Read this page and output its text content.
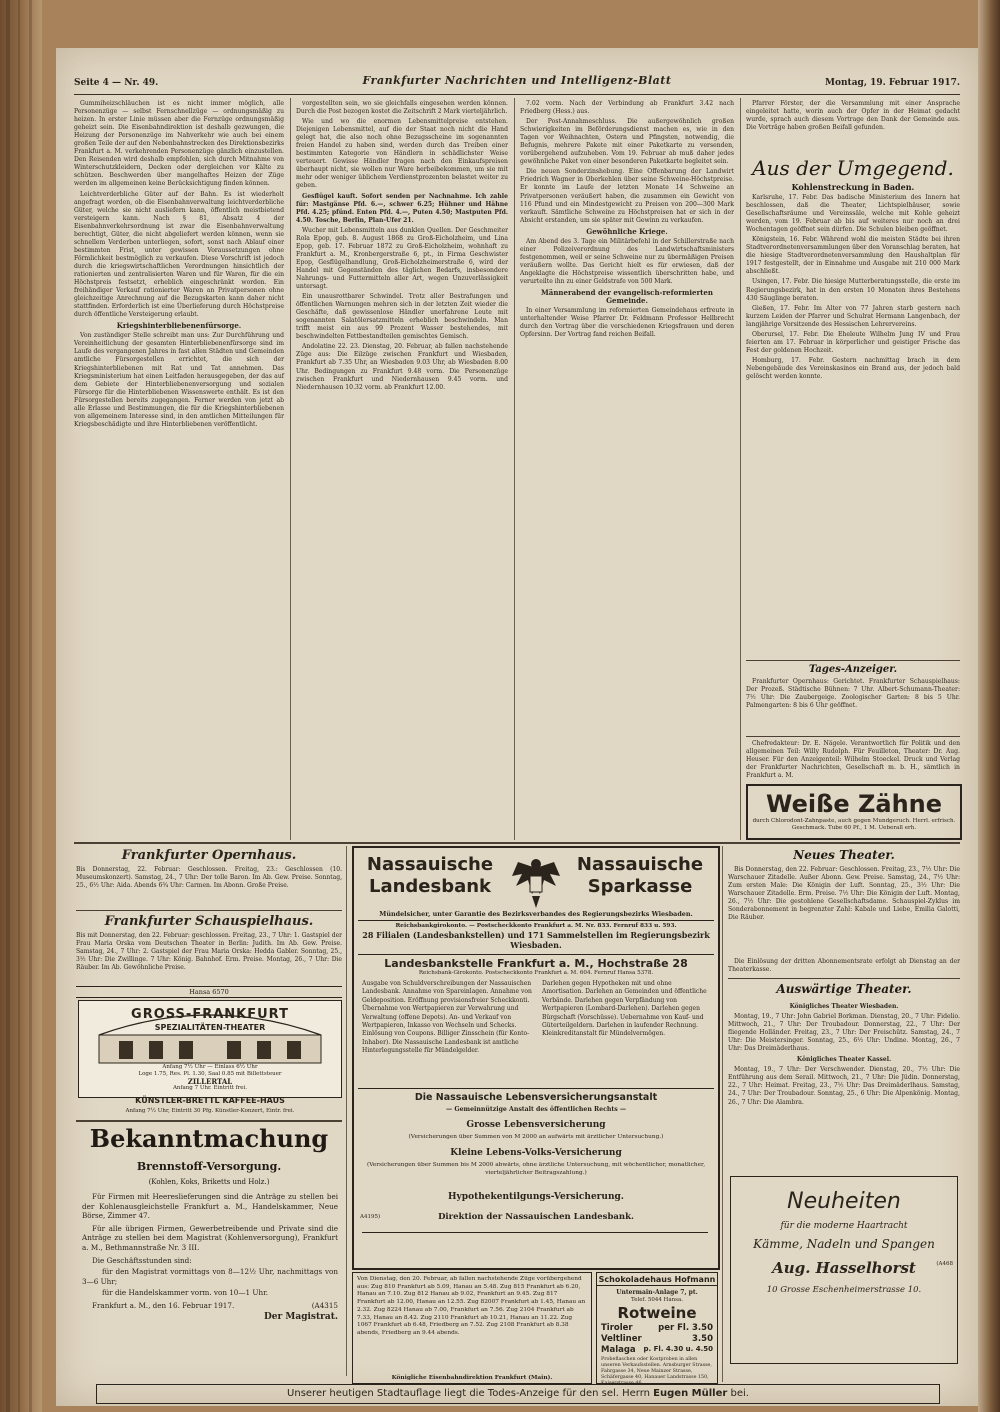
Seite 4 — Nr. 49.	Frankfurter Nachrichten und Intelligenz-Blatt	Montag, 19. Februar 1917.

Gummiheizschläuchen ist es nicht immer möglich, alle Personenzüge — selbst Fernschnellzüge — ordnungsmäßig zu heizen. In erster Linie müssen aber die Fernzüge ordnungsmäßig geheizt sein. Die Eisenbahndirektion ist deshalb gezwungen, die Heizung der Personenzüge im Nahverkehr wie auch bei einem großen Teile der auf den Nebenbahnstrecken des Direktionsbezirks Frankfurt a. M. verkehrenden Personenzüge gänzlich einzustellen. Den Reisenden wird deshalb empfohlen, sich durch Mitnahme von Winterschutzkleidern, Decken oder dergleichen vor Kälte zu schützen. Beschwerden über mangelhaftes Heizen der Züge werden im allgemeinen keine Berücksichtigung finden können.

Leichtverderbliche Güter auf der Bahn. Es ist wiederholt angefragt worden, ob die Eisenbahnverwaltung leichtverderbliche Güter, welche sie nicht ausliefern kann, öffentlich meistbietend versteigern kann. Nach § 81, Absatz 4 der Eisenbahnverkehrsordnung ist zwar die Eisenbahnverwaltung berechtigt, Güter, die nicht abgeliefert werden können, wenn sie schnellem Verderben unterliegen, sofort, sonst nach Ablauf einer bestimmten Frist, unter gewissen Voraussetzungen ohne Förmlichkeit bestmöglich zu verkaufen. Diese Vorschrift ist jedoch durch die kriegswirtschaftlichen Verordnungen hinsichtlich der rationierten und zentralisierten Waren und für Waren, für die ein Höchstpreis festsetzt, erheblich eingeschränkt worden. Ein freihändiger Verkauf rationierter Waren an Privatpersonen ohne gleichzeitige Anrechnung auf die Bezugskarten kann daher nicht stattfinden. Erforderlich ist eine Überlieferung durch Höchstpreise durch öffentliche Versteigerung erlaubt.

Kriegshinterbliebenenfürsorge.

Von zuständiger Stelle schreibt man uns: Zur Durchführung und Vereinheitlichung der gesamten Hinterbliebenenfürsorge sind im Laufe des vergangenen Jahres in fast allen Städten und Gemeinden amtliche Fürsorgestellen errichtet, die sich der Kriegshinterbliebenen mit Rat und Tat annehmen. Das Kriegsministerium hat einen Leitfaden herausgegeben, der das auf dem Gebiete der Hinterbliebenenversorgung und sozialen Fürsorge für die Hinterbliebenen Wissenswerte enthält. Es ist den Fürsorgestellen bereits zugegangen. Ferner werden von jetzt ab alle Erlasse und Bestimmungen, die für die Kriegshinterbliebenen von allgemeinem Interesse sind, in den amtlichen Mitteilungen für Kriegsbeschädigte und ihre Hinterbliebenen veröffentlicht.

vorgestellten sein, wo sie gleichfalls eingesehen werden können. Durch die Post bezogen kostet die Zeitschrift 2 Mark vierteljährlich.

Wie und wo die enormen Lebensmittelpreise entstehen. Diejenigen Lebensmittel, auf die der Staat noch nicht die Hand gelegt hat, die also noch ohne Bezugsscheine im sogenannten freien Handel zu haben sind, werden durch das Treiben einer bestimmten Kategorie von Händlern in schädlichster Weise verteuert. Gewisse Händler fragen nach den Einkaufspreisen überhaupt nicht, sie wollen nur Ware herbeibekommen, um sie mit mehr oder weniger üblichem Verdienstprozenten belastet weiter zu geben.

Gesflügel kauft. Sofort senden per Nachnahme. Ich zahle für: Mastgänse Pfd. 6.—, schwer 6.25; Hühner und Hähne Pfd. 4.25; pfünd. Enten Pfd. 4.—, Puten 4.50; Mastputen Pfd. 4.50. Tosche, Berlin, Plan-Ufer 21.

Wucher mit Lebensmitteln aus dunklen Quellen. Der Geschmeiter Rola Epop, geb. 8. August 1868 zu Groß-Eicholzheim, und Lina Epop, geb. 17. Februar 1872 zu Groß-Eicholzheim, wohnhaft zu Frankfurt a. M., Kronbergerstraße 6, pt., in Firma Geschwister Epop, Gesflügelhandlung, Groß-Eicholzheimerstraße 6, wird der Handel mit Gegenständen des täglichen Bedarfs, insbesondere Nahrungs- und Futtermitteln aller Art, wegen Unzuverlässigkeit untersagt.

Ein unausrottbarer Schwindel. Trotz aller Bestrafungen und öffentlichen Warnungen mehren sich in der letzten Zeit wieder die Geschäfte, daß gewissenlose Händler unerfahrene Leute mit sogenannten Salatölersatzmitteln erheblich beschwindeln. Man trifft meist ein aus 99 Prozent Wasser bestehendes, mit beschwindelten Fettbestandteilen gemischtes Gemisch.

Andolatine 22. 23. Dienstag, 20. Februar, ab fallen nachstehende Züge aus: Die Eilzüge zwischen Frankfurt und Wiesbaden, Frankfurt ab 7.35 Uhr, an Wiesbaden 9.03 Uhr, ab Wiesbaden 8.00 Uhr. Bedingungen zu Frankfurt 9.48 vorm. Die Personenzüge zwischen Frankfurt und Niedernhausen 9.45 vorm. und Niedernhausen 10.32 vorm. ab Frankfurt 12.00.

7.02 vorm. Nach der Verbindung ab Frankfurt 3.42 nach Friedberg (Hess.) aus.

Der Post-Annahmeschluss. Die außergewöhnlich großen Schwierigkeiten im Beförderungsdienst machen es, wie in den Tagen vor Weihnachten, Ostern und Pfingsten, notwendig, die Befugnis, mehrere Pakete mit einer Paketkarte zu versenden, vorübergehend aufzuheben. Vom 19. Februar ab muß daher jedes gewöhnliche Paket von einer besonderen Paketkarte begleitet sein.

Die neuen Sonderzinshebung. Eine Offenbarung der Landwirt Friedrich Wagner in Oberkehlen über seine Schweine-Höchstpreise. Er konnte im Laufe der letzten Monate 14 Schweine an Privatpersonen veräußert haben, die zusammen ein Gewicht von 116 Pfund und ein Mindestgewicht zu Preisen von 200—300 Mark verkauft. Sämtliche Schweine zu Höchstpreisen hat er sich in der Absicht erstanden, um sie später mit Gewinn zu verkaufen.

Gewöhnliche Kriege.

Am Abend des 3. Tage ein Militärbefehl in der Schillerstraße nach einer Polizeiverordnung des Landwirtschaftsministers festgenommen, weil er seine Schweine nur zu übermäßigen Preisen veräußern wollte. Das Gericht hielt es für erwiesen, daß der Angeklagte die Höchstpreise wissentlich überschritten habe, und verurteilte ihn zu einer Geldstrafe von 500 Mark.

Männerabend der evangelisch-reformierten Gemeinde.

In einer Versammlung im reformierten Gemeindehaus erfreute in unterhaltender Weise Pfarrer Dr. Feldmann Professor Hellbrecht durch den Vortrag über die verschiedenen Kriegsfrauen und deren Opfersinn. Der Vortrag fand reichen Beifall.

Pfarrer Förster, der die Versammlung mit einer Ansprache eingeleitet hatte, worin auch der Opfer in der Heimat gedacht wurde, sprach auch diesem Vortrage den Dank der Gemeinde aus. Die Vorträge haben großen Beifall gefunden.

Aus der Umgegend.
Kohlenstreckung in Baden.

Karlsruhe, 17. Febr. Das badische Ministerium des Innern hat beschlossen, daß die Theater, Lichtspielhäuser, sowie Gesellschaftsräume und Vereinssäle, welche mit Kohle geheizt werden, vom 19. Februar ab bis auf weiteres nur noch an drei Wochentagen geöffnet sein dürfen. Die Schulen bleiben geöffnet.

Königstein, 16. Febr. Während wohl die meisten Städte bei ihren Stadtverordnetenversammlungen über den Voranschlag beraten, hat die hiesige Stadtverordnetenversammlung den Haushaltplan für 1917 festgestellt, der in Einnahme und Ausgabe mit 210 000 Mark abschließt.

Usingen, 17. Febr. Die hiesige Mutterberatungsstelle, die erste im Regierungsbezirk, hat in den ersten 10 Monaten ihres Bestehens 430 Säuglinge beraten.

Gießen, 17. Febr. Im Alter von 77 Jahren starb gestern nach kurzem Leiden der Pfarrer und Schulrat Hermann Langenbach, der langjährige Vorsitzende des Hessischen Lehrervereins.

Oberursel, 17. Febr. Die Eheleute Wilhelm Jung IV und Frau feierten am 17. Februar in körperlicher und geistiger Frische das Fest der goldenen Hochzeit.

Homburg, 17. Febr. Gestern nachmittag brach in dem Nebengebäude des Vereinskasinos ein Brand aus, der jedoch bald gelöscht werden konnte.

Tages-Anzeiger.

Frankfurter Opernhaus: Gerichtet. Frankfurter Schauspielhaus: Der Prozeß. Städtische Bühnen: 7 Uhr. Albert-Schumann-Theater: 7½ Uhr: Die Zaubergeige. Zoologischer Garten: 8 bis 5 Uhr. Palmengarten: 8 bis 6 Uhr geöffnet.

Chefredakteur: Dr. E. Nägele. Verantwortlich für Politik und den allgemeinen Teil: Willy Rudolph. Für Feuilleton, Theater: Dr. Aug. Heuser. Für den Anzeigenteil: Wilhelm Stoeckel. Druck und Verlag der Frankfurter Nachrichten, Gesellschaft m. b. H., sämtlich in Frankfurt a. M.

Weiße Zähne
durch Chlorodont-Zahnpaste, auch gegen Mundgeruch. Herrl. erfrisch. Geschmack. Tube 60 Pf., 1 M. Ueberall erh.
Frankfurter Opernhaus.
Bis Donnerstag, 22. Februar: Geschlossen. Freitag, 23.: Geschlossen (10. Museumskonzert). Samstag, 24., 7 Uhr: Der tolle Baron. Im Ab. Gew. Preise. Sonntag, 25., 6½ Uhr: Aida. Abends 6¾ Uhr: Carmen. Im Abonn. Große Preise.
Frankfurter Schauspielhaus.
Bis mit Donnerstag, den 22. Februar: geschlossen. Freitag, 23., 7 Uhr: 1. Gastspiel der Frau Maria Orska vom Deutschen Theater in Berlin: Judith. Im Ab. Gew. Preise. Samstag, 24., 7 Uhr: 2. Gastspiel der Frau Maria Orska: Hedda Gabler. Sonntag, 25., 3½ Uhr: Die Zwillinge. 7 Uhr: König. Bahnhof. Erm. Preise. Montag, 26., 7 Uhr: Die Räuber. Im Ab. Gewöhnliche Preise.
Hansa 6570
GROSS-FRANKFURT
SPEZIALITÄTEN-THEATER
Anfang 7½ Uhr — Einlass 6½ Uhr
Loge 1.75, Res. Pl. 1.30, Saal 0.85 mit Billettsteuer
ZILLERTAL
Anfang 7 Uhr. Eintritt frei.
KÜNSTLER-BRETTL KAFFEE-HAUS
Anfang 7½ Uhr, Eintritt 30 Pfg. Künstler-Konzert, Eintr. frei.
Bekanntmachung
Brennstoff-Versorgung.
(Kohlen, Koks, Briketts und Holz.)

Für Firmen mit Heereslieferungen sind die Anträge zu stellen bei der Kohlenausgleichstelle Frankfurt a. M., Handelskammer, Neue Börse, Zimmer 47.

Für alle übrigen Firmen, Gewerbetreibende und Private sind die Anträge zu stellen bei dem Magistrat (Kohlenversorgung), Frankfurt a. M., Bethmannstraße Nr. 3 III.

Die Geschäftsstunden sind:

für den Magistrat vormittags von 8—12½ Uhr, nachmittags von 3—6 Uhr;

für die Handelskammer vorm. von 10—1 Uhr.

Frankfurt a. M., den 16. Februar 1917.	(A4315

Der Magistrat.

Nassauische Landesbank
Nassauische Sparkasse
Mündelsicher, unter Garantie des Bezirksverbandes des Regierungsbezirks Wiesbaden.
Reichsbankgirokonto. — Postscheckkonto Frankfurt a. M. Nr. 833. Fernruf 833 u. 593.
28 Filialen (Landesbankstellen) und 171 Sammelstellen im Regierungsbezirk Wiesbaden.
Landesbankstelle Frankfurt a. M., Hochstraße 28
Reichsbank-Girokonto. Postscheckkonto Frankfurt a. M. 604. Fernruf Hansa 5378.
Ausgabe von Schuldverschreibungen der Nassauischen Landesbank. Annahme von Spareinlagen. Annahme von Geldeposition. Eröffnung provisionsfreier Scheckkonti. Übernahme von Wertpapieren zur Verwahrung und Verwaltung (offene Depots). An- und Verkauf von Wertpapieren, Inkasso von Wechseln und Schecks. Einlösung von Coupons. Billiger Zinsschein (für Konto-Inhaber). Die Nassauische Landesbank ist amtliche Hinterlegungsstelle für Mündelgelder.
Darlehen gegen Hypotheken mit und ohne Amortisation. Darlehen an Gemeinden und öffentliche Verbände. Darlehen gegen Verpfändung von Wertpapieren (Lombard-Darlehen). Darlehen gegen Bürgschaft (Vorschüsse). Uebernahme von Kauf- und Güterteilgeldern. Darlehen in laufender Rechnung. Kleinkreditanstalt für Mündelvermögen.
Die Nassauische Lebensversicherungsanstalt
— Gemeinnützige Anstalt des öffentlichen Rechts —
Grosse Lebensversicherung
(Versicherungen über Summen von M 2000 an aufwärts mit ärztlicher Untersuchung.)
Kleine Lebens-Volks-Versicherung
(Versicherungen über Summen bis M 2000 abwärts, ohne ärztliche Untersuchung, mit wöchentlicher, monatlicher, vierteljährlicher Beitragszahlung.)
Hypothekentilgungs-Versicherung.
Direktion der Nassauischen Landesbank.
A4195)
Von Dienstag, den 20. Februar, ab fallen nachstehende Züge vorübergehend aus: Zug 810 Frankfurt ab 5.09, Hanau an 5.48. Zug 815 Frankfurt ab 6.20, Hanau an 7.10. Zug 812 Hanau ab 9.02, Frankfurt an 9.45. Zug 817 Frankfurt ab 12.00, Hanau an 12.55. Zug 82007 Frankfurt ab 1.45, Hanau an 2.32. Zug 8224 Hanau ab 7.00, Frankfurt an 7.56. Zug 2104 Frankfurt ab 7.33, Hanau an 8.42. Zug 2110 Frankfurt ab 10.21, Hanau an 11.22. Zug 1067 Frankfurt ab 6.48, Friedberg an 7.52. Zug 2108 Frankfurt ab 8.38 abends, Friedberg an 9.44 abends.
Königliche Eisenbahndirektion Frankfurt (Main).
Schokoladehaus Hofmann
Untermain-Anlage 7, pt.
Telef. 5044 Hansa.
Rotweine
Tiroler	per Fl. 3.50
Veltliner	3.50
Malaga p. Fl. 4.30 u. 4.50
Probeflaschen oder Kostproben in allen unseren Verkaufsstellen. Arnsburger Strasse, Fahrgasse 34, Neue Mainzer Strasse, Schäfergasse 40, Hanauer Landstrasse 150, Kaiserstrasse 46.
Neues Theater.

Bis Donnerstag, den 22. Februar: Geschlossen. Freitag, 23., 7½ Uhr: Die Warschauer Zitadelle. Außer Abonn. Gew. Preise. Samstag, 24., 7½ Uhr: Zum ersten Male: Die Königin der Luft. Sonntag, 25., 3½ Uhr: Die Warschauer Zitadelle. Erm. Preise. 7½ Uhr: Die Königin der Luft. Montag, 26., 7½ Uhr: Die gestohlene Gesellschaftsdame. Schauspiel-Zyklus im Sonderabonnement in begrenzter Zahl: Kabale und Liebe, Emilia Galotti, Die Räuber.

Die Einlösung der dritten Abonnementsrate erfolgt ab Dienstag an der Theaterkasse.

Auswärtige Theater.
Königliches Theater Wiesbaden.

Montag, 19., 7 Uhr: John Gabriel Borkman. Dienstag, 20., 7 Uhr: Fidelio. Mittwoch, 21., 7 Uhr: Der Troubadour. Donnerstag, 22., 7 Uhr: Der fliegende Holländer. Freitag, 23., 7 Uhr: Der Freischütz. Samstag, 24., 7 Uhr: Die Meistersinger. Sonntag, 25., 6½ Uhr: Undine. Montag, 26., 7 Uhr: Das Dreimäderlhaus.

Königliches Theater Kassel.

Montag, 19., 7 Uhr: Der Verschwender. Dienstag, 20., 7½ Uhr: Die Entführung aus dem Serail. Mittwoch, 21., 7 Uhr: Die Jüdin. Donnerstag, 22., 7 Uhr: Heimat. Freitag, 23., 7½ Uhr: Das Dreimäderlhaus. Samstag, 24., 7 Uhr: Der Troubadour. Sonntag, 25., 6 Uhr: Die Alpenkönig. Montag, 26., 7 Uhr: Die Alambra.

Neuheiten
für die moderne Haartracht
Kämme, Nadeln und Spangen
Aug. Hasselhorst	(A468
10 Grosse Eschenheimerstrasse 10.
Unserer heutigen Stadtauflage liegt die Todes-Anzeige für den sel. Herrn Eugen Müller bei.
